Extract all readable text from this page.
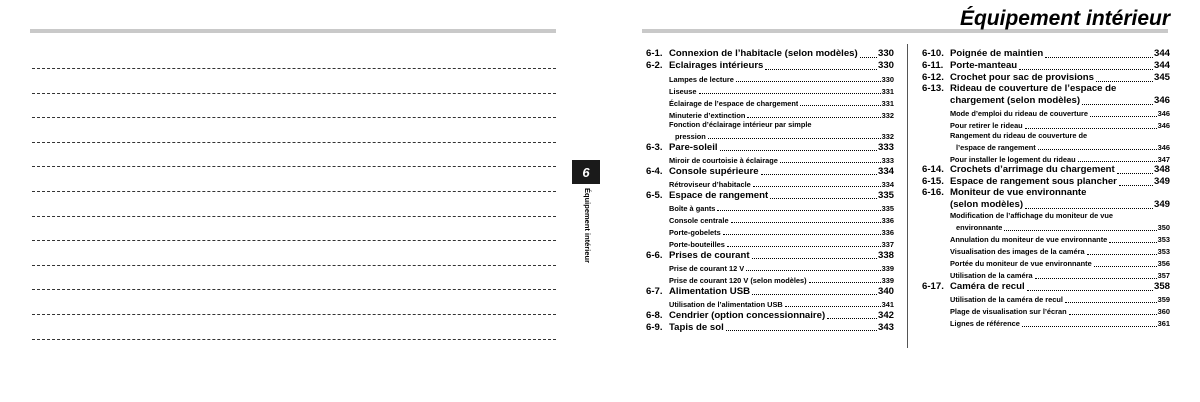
Équipement intérieur
6-1. Connexion de l’habitacle (selon modèles) 330
6-2. Éclairages intérieurs	330
Lampes de lecture	330
Liseuse	331
Éclairage de l’espace de chargement	331
Minuterie d’extinction	332
Fonction d’éclairage intérieur par simple
pression	332
6-3. Pare-soleil	333
Miroir de courtoisie à éclairage	333
6-4. Console supérieure	334
Rétroviseur d’habitacle	334
6-5. Espace de rangement	335
Boîte à gants	335
Console centrale	336
Porte-gobelets	336
Porte-bouteilles	337
6-6. Prises de courant	338
Prise de courant 12 V	339
Prise de courant 120 V (selon modèles)	339
6-7. Alimentation USB	340
Utilisation de l’alimentation USB	341
6-8. Cendrier (option concessionnaire)	342
6-9. Tapis de sol	343
6-10. Poignée de maintien	344
6-11. Porte-manteau	344
6-12. Crochet pour sac de provisions	345
6-13. Rideau de couverture de l’espace de
chargement (selon modèles)	346
Mode d’emploi du rideau de couverture	346
Pour retirer le rideau	346
Rangement du rideau de couverture de
l’espace de rangement	346
Pour installer le logement du rideau	347
6-14. Crochets d’arrimage du chargement	348
6-15. Espace de rangement sous plancher	349
6-16. Moniteur de vue environnante
(selon modèles)	349
Modification de l’affichage du moniteur de vue
environnante	350
Annulation du moniteur de vue environnante	353
Visualisation des images de la caméra	353
Portée du moniteur de vue environnante	356
Utilisation de la caméra	357
6-17. Caméra de recul	358
Utilisation de la caméra de recul	359
Plage de visualisation sur l’écran	360
Lignes de référence	361
6
Équipement intérieur
